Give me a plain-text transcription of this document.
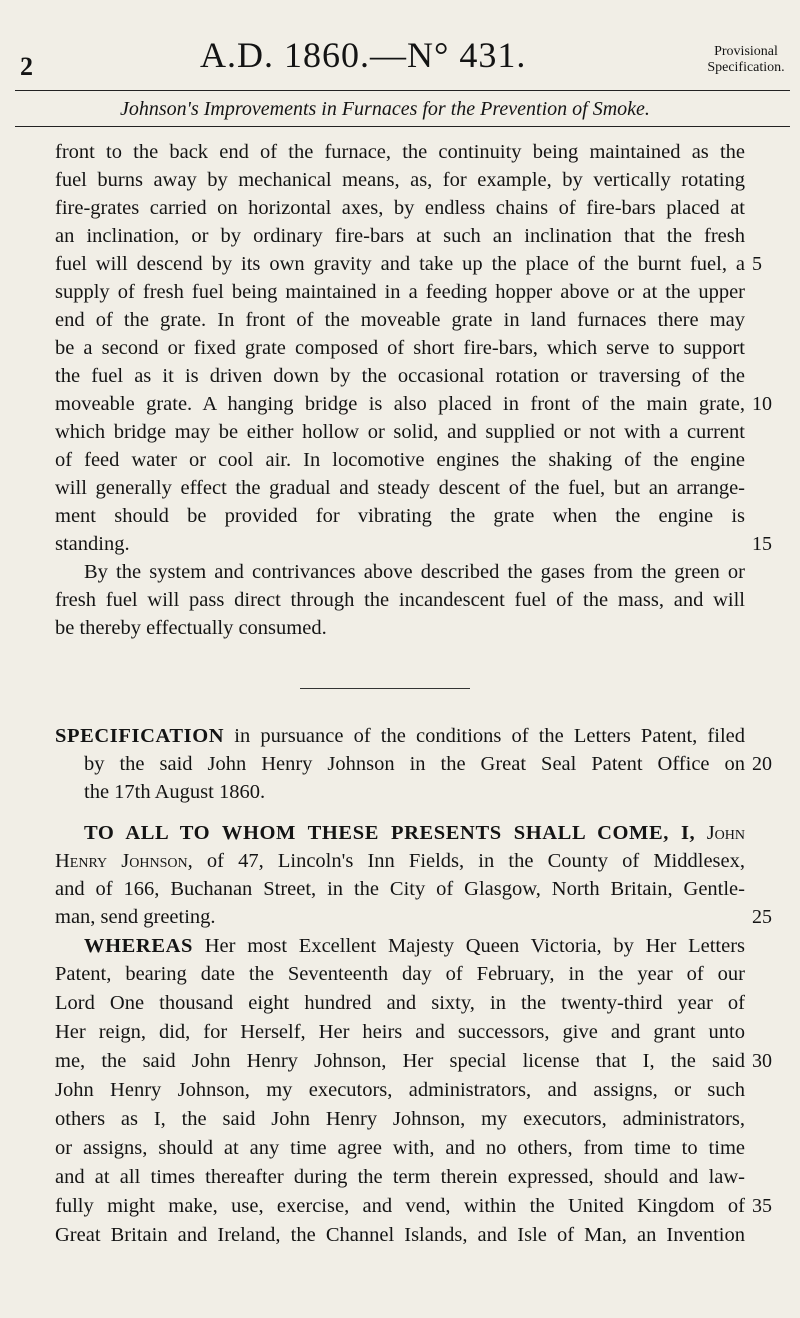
2	A.D. 1860.—N° 431.	Provisional
Specification.
Johnson's Improvements in Furnaces for the Prevention of Smoke.
front to the back end of the furnace, the continuity being maintained as the
fuel burns away by mechanical means, as, for example, by vertically rotating
fire-grates carried on horizontal axes, by endless chains of fire-bars placed at
an inclination, or by ordinary fire-bars at such an inclination that the fresh
fuel will descend by its own gravity and take up the place of the burnt fuel, a
supply of fresh fuel being maintained in a feeding hopper above or at the upper
end of the grate. In front of the moveable grate in land furnaces there may
be a second or fixed grate composed of short fire-bars, which serve to support
the fuel as it is driven down by the occasional rotation or traversing of the
moveable grate. A hanging bridge is also placed in front of the main grate,
which bridge may be either hollow or solid, and supplied or not with a current
of feed water or cool air. In locomotive engines the shaking of the engine
will generally effect the gradual and steady descent of the fuel, but an arrange-
ment should be provided for vibrating the grate when the engine is
standing.
By the system and contrivances above described the gases from the green or
fresh fuel will pass direct through the incandescent fuel of the mass, and will
be thereby effectually consumed.
SPECIFICATION in pursuance of the conditions of the Letters Patent, filed
by the said John Henry Johnson in the Great Seal Patent Office on
the 17th August 1860.
TO ALL TO WHOM THESE PRESENTS SHALL COME, I, John
Henry Johnson, of 47, Lincoln's Inn Fields, in the County of Middlesex,
and of 166, Buchanan Street, in the City of Glasgow, North Britain, Gentle-
man, send greeting.
WHEREAS Her most Excellent Majesty Queen Victoria, by Her Letters
Patent, bearing date the Seventeenth day of February, in the year of our
Lord One thousand eight hundred and sixty, in the twenty-third year of
Her reign, did, for Herself, Her heirs and successors, give and grant unto
me, the said John Henry Johnson, Her special license that I, the said
John Henry Johnson, my executors, administrators, and assigns, or such
others as I, the said John Henry Johnson, my executors, administrators,
or assigns, should at any time agree with, and no others, from time to time
and at all times thereafter during the term therein expressed, should and law-
fully might make, use, exercise, and vend, within the United Kingdom of
Great Britain and Ireland, the Channel Islands, and Isle of Man, an Invention
5
10
15
20
25
30
35
